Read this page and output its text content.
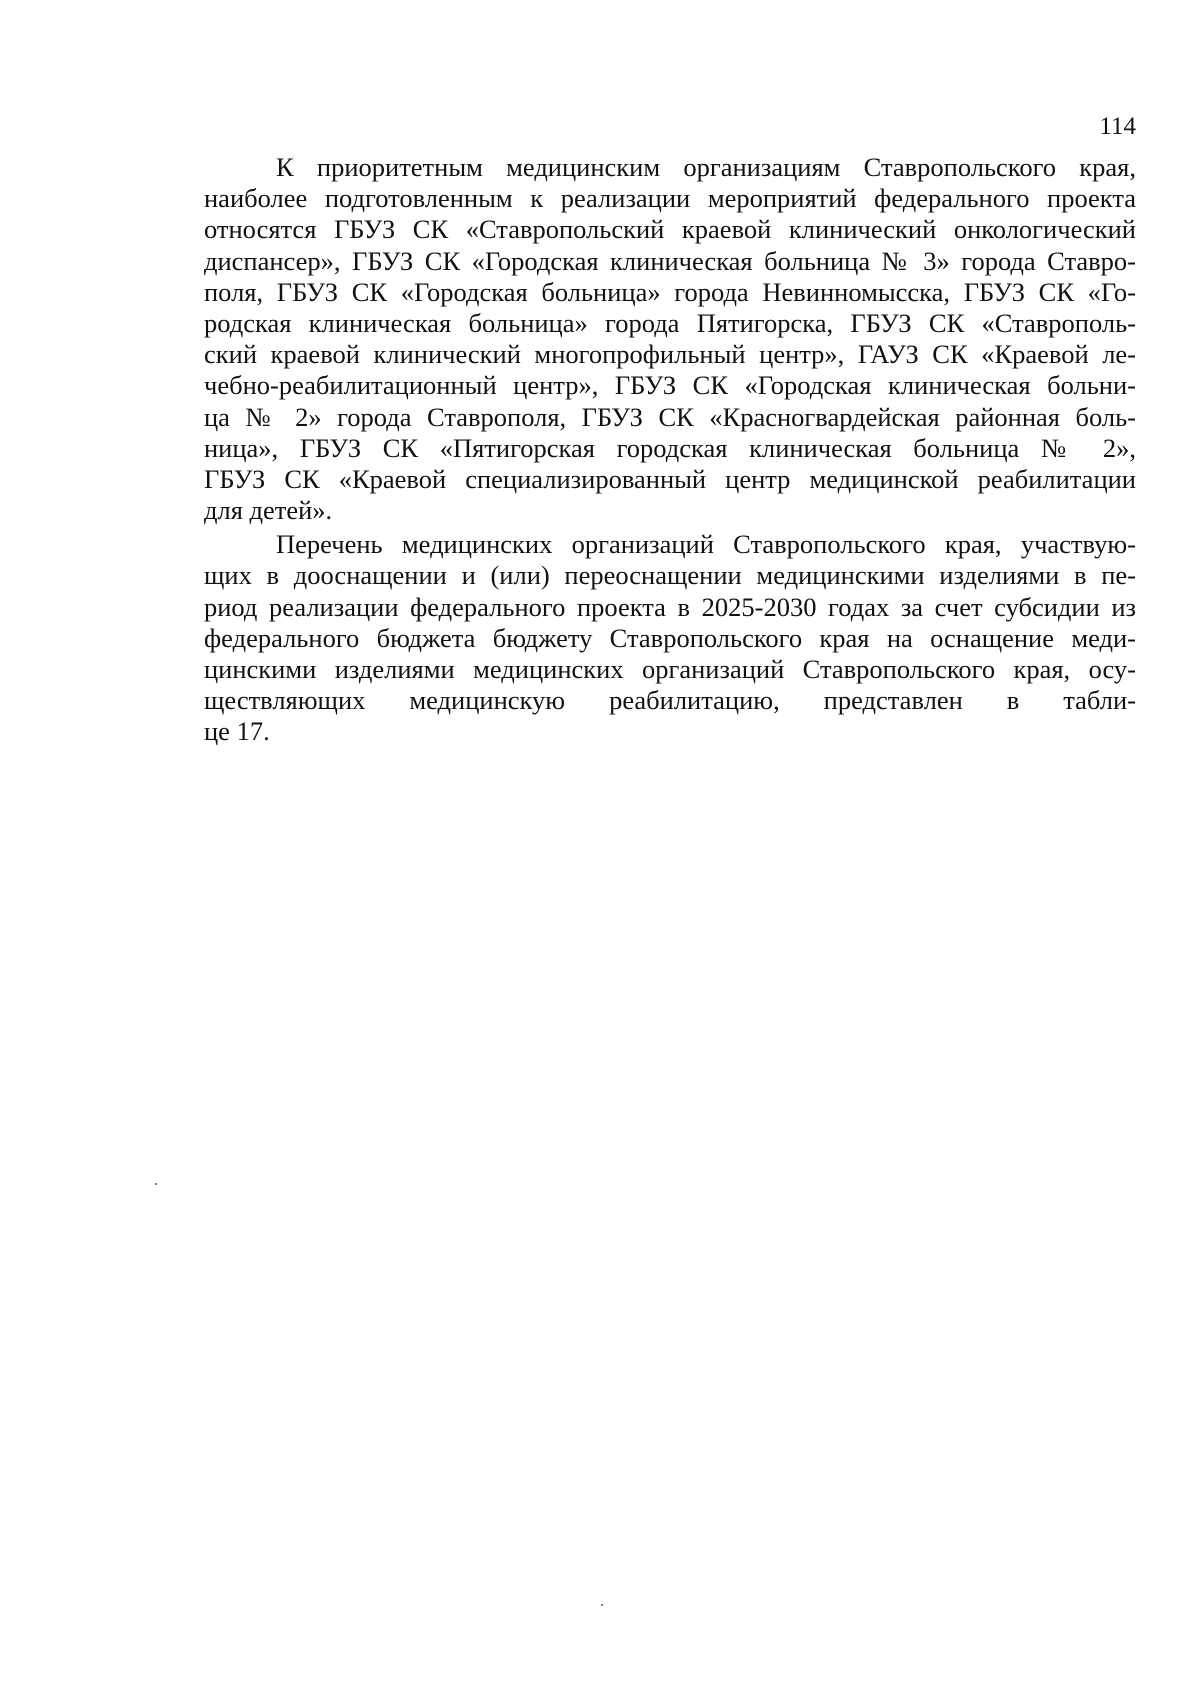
114
К приоритетным медицинским организациям Ставропольского края,
наиболее подготовленным к реализации мероприятий федерального проекта
относятся ГБУЗ СК «Ставропольский краевой клинический онкологический
диспансер», ГБУЗ СК «Городская клиническая больница № 3» города Ставро-
поля, ГБУЗ СК «Городская больница» города Невинномысска, ГБУЗ СК «Го-
родская клиническая больница» города Пятигорска, ГБУЗ СК «Ставрополь-
ский краевой клинический многопрофильный центр», ГАУЗ СК «Краевой ле-
чебно-реабилитационный центр», ГБУЗ СК «Городская клиническая больни-
ца № 2» города Ставрополя, ГБУЗ СК «Красногвардейская районная боль-
ница», ГБУЗ СК «Пятигорская городская клиническая больница № 2»,
ГБУЗ СК «Краевой специализированный центр медицинской реабилитации
для детей».
Перечень медицинских организаций Ставропольского края, участвую-
щих в дооснащении и (или) переоснащении медицинскими изделиями в пе-
риод реализации федерального проекта в 2025-2030 годах за счет субсидии из
федерального бюджета бюджету Ставропольского края на оснащение меди-
цинскими изделиями медицинских организаций Ставропольского края, осу-
ществляющих медицинскую реабилитацию, представлен в табли-
це 17.
